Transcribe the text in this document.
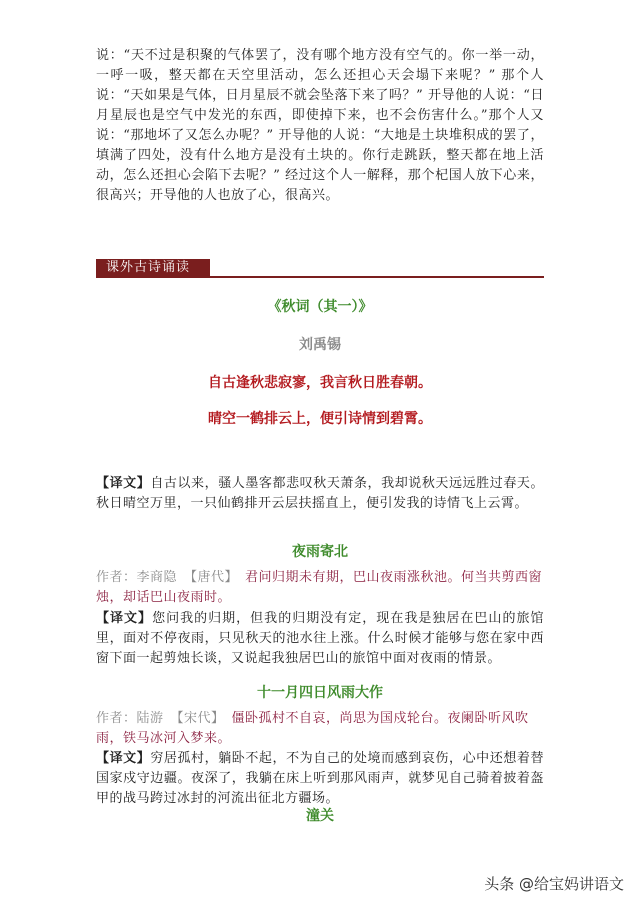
说：“天不过是积聚的气体罢了，没有哪个地方没有空气的。你一举一动，一呼一吸，整天都在天空里活动，怎么还担心天会塌下来呢？” 那个人说：“天如果是气体，日月星辰不就会坠落下来了吗？” 开导他的人说：“日月星辰也是空气中发光的东西，即使掉下来，也不会伤害什么。”那个人又说：“那地坏了又怎么办呢？” 开导他的人说：“大地是土块堆积成的罢了，填满了四处，没有什么地方是没有土块的。你行走跳跃，整天都在地上活动，怎么还担心会陷下去呢？” 经过这个人一解释，那个杞国人放下心来，很高兴；开导他的人也放了心，很高兴。

课外古诗诵读

《秋词（其一）》

刘禹锡

自古逢秋悲寂寥，我言秋日胜春朝。

晴空一鹤排云上，便引诗情到碧霄。

【译文】自古以来，骚人墨客都悲叹秋天萧条，我却说秋天远远胜过春天。秋日晴空万里，一只仙鹤排开云层扶摇直上，便引发我的诗情飞上云霄。

夜雨寄北

作者：李商隐　【唐代】　君问归期未有期，巴山夜雨涨秋池。何当共剪西窗烛，却话巴山夜雨时。

【译文】您问我的归期，但我的归期没有定，现在我是独居在巴山的旅馆里，面对不停夜雨，只见秋天的池水往上涨。什么时候才能够与您在家中西窗下面一起剪烛长谈，又说起我独居巴山的旅馆中面对夜雨的情景。

十一月四日风雨大作

作者：陆游　【宋代】　僵卧孤村不自哀，尚思为国戍轮台。夜阑卧听风吹雨，铁马冰河入梦来。

【译文】穷居孤村，躺卧不起，不为自己的处境而感到哀伤，心中还想着替国家戍守边疆。夜深了，我躺在床上听到那风雨声，就梦见自己骑着披着盔甲的战马跨过冰封的河流出征北方疆场。

潼关

头条 @给宝妈讲语文
